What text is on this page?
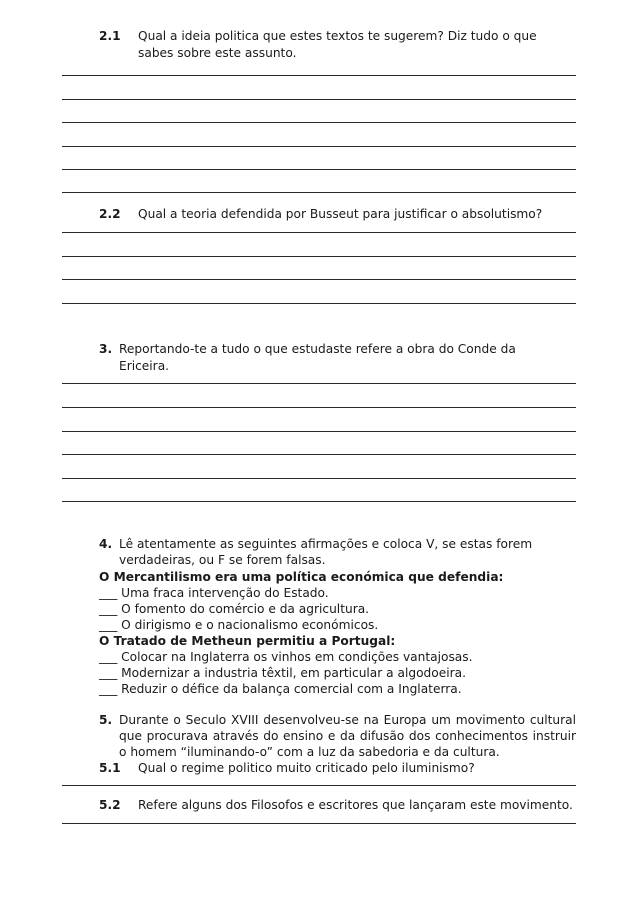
2.1 Qual a ideia politica que estes textos te sugerem? Diz tudo o que
sabes sobre este assunto.
2.2 Qual a teoria defendida por Busseut para justificar o absolutismo?
3. Reportando-te a tudo o que estudaste refere a obra do Conde da
Ericeira.
4. Lê atentamente as seguintes afirmações e coloca V, se estas forem
verdadeiras, ou F se forem falsas.
O Mercantilismo era uma política económica que defendia:
___ Uma fraca intervenção do Estado.
___ O fomento do comércio e da agricultura.
___ O dirigismo e o nacionalismo económicos.
O Tratado de Metheun permitiu a Portugal:
___ Colocar na Inglaterra os vinhos em condições vantajosas.
___ Modernizar a industria têxtil, em particular a algodoeira.
___ Reduzir o défice da balança comercial com a Inglaterra.
5. Durante o Seculo XVIII desenvolveu-se na Europa um movimento cultural
que procurava através do ensino e da difusão dos conhecimentos instruir
o homem “iluminando-o” com a luz da sabedoria e da cultura.
5.1 Qual o regime politico muito criticado pelo iluminismo?
5.2 Refere alguns dos Filosofos e escritores que lançaram este movimento.
